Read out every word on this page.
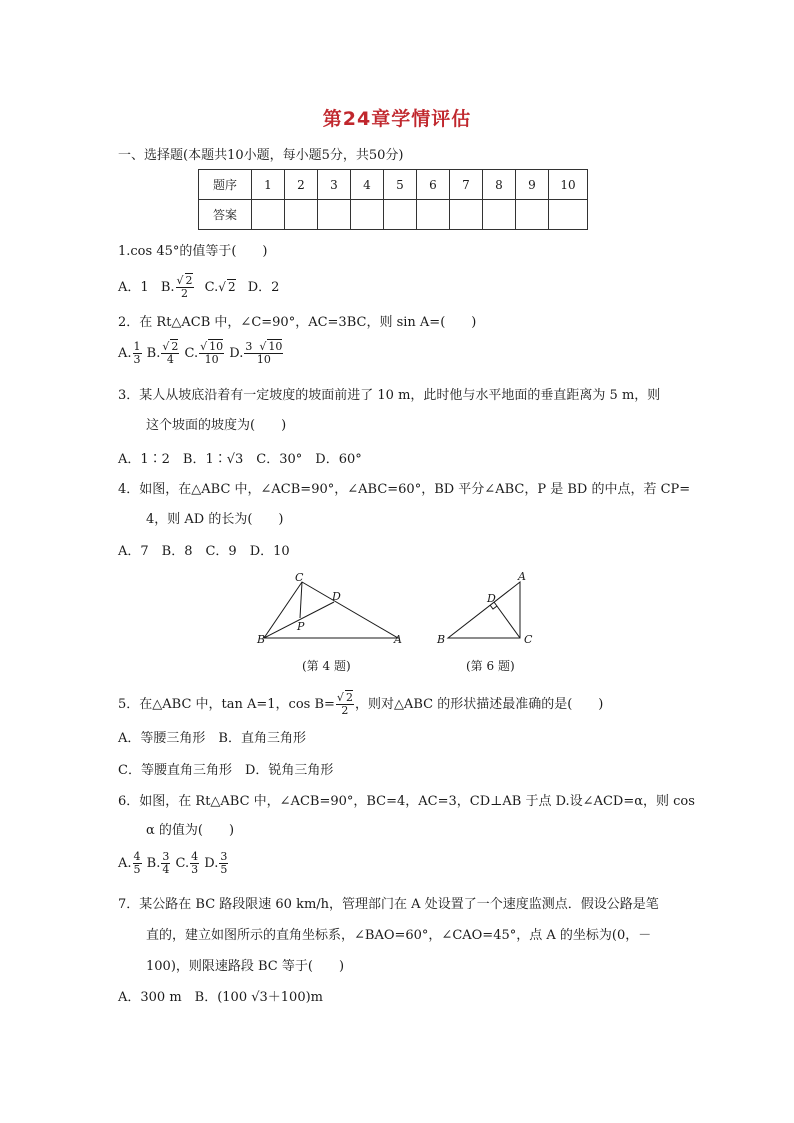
第24章学情评估
一、选择题(本题共10小题，每小题5分，共50分)
题序	1	2	3	4	5	6	7	8	9	10
答案										
1.cos 45°的值等于(　　)
A．1 B. $\frac{√ 2}{2} C.√$ 2 D．2
2．在 Rt△ACB 中，∠C=90°，AC=3BC，则 sin A=(　　)
A. $\frac{1}{3} B$. $\frac{√ 2}{4} C$. $\frac{√ 10}{10} D$. $\frac{3 √ 10}{10}$
3．某人从坡底沿着有一定坡度的坡面前进了 10 m，此时他与水平地面的垂直距离为 5 m，则
这个坡面的坡度为(　　)
A．1∶2　B．1∶√3　C．30°　D．60°
4．如图，在△ABC 中，∠ACB=90°，∠ABC=60°，BD 平分∠ABC，P 是 BD 的中点，若 CP=
4，则 AD 的长为(　　)
A．7　B．8　C．9　D．10
C
D
B
P
A
(第 4 题)
A
D
B	C
(第 6 题)
5．在△ABC 中，tan A=1，$\cos B= \frac{√ 2}{2}$ ，则对△ABC 的形状描述最准确的是(　　)
A．等腰三角形　B．直角三角形
C．等腰直角三角形　D．锐角三角形
6．如图，在 Rt△ABC 中，∠ACB=90°，BC=4，AC=3，CD⊥AB 于点 D.设∠ACD=α，则 cos
α 的值为(　　)
A. $\frac{4}{5} B$. $\frac{3}{4} C$. $\frac{4}{3} D$. $\frac{3}{5}$
7．某公路在 BC 路段限速 60 km/h，管理部门在 A 处设置了一个速度监测点．假设公路是笔
直的，建立如图所示的直角坐标系，∠BAO=60°，∠CAO=45°，点 A 的坐标为(0，－
100)，则限速路段 BC 等于(　　)
A．300 m　B．(100 √3＋100)m
